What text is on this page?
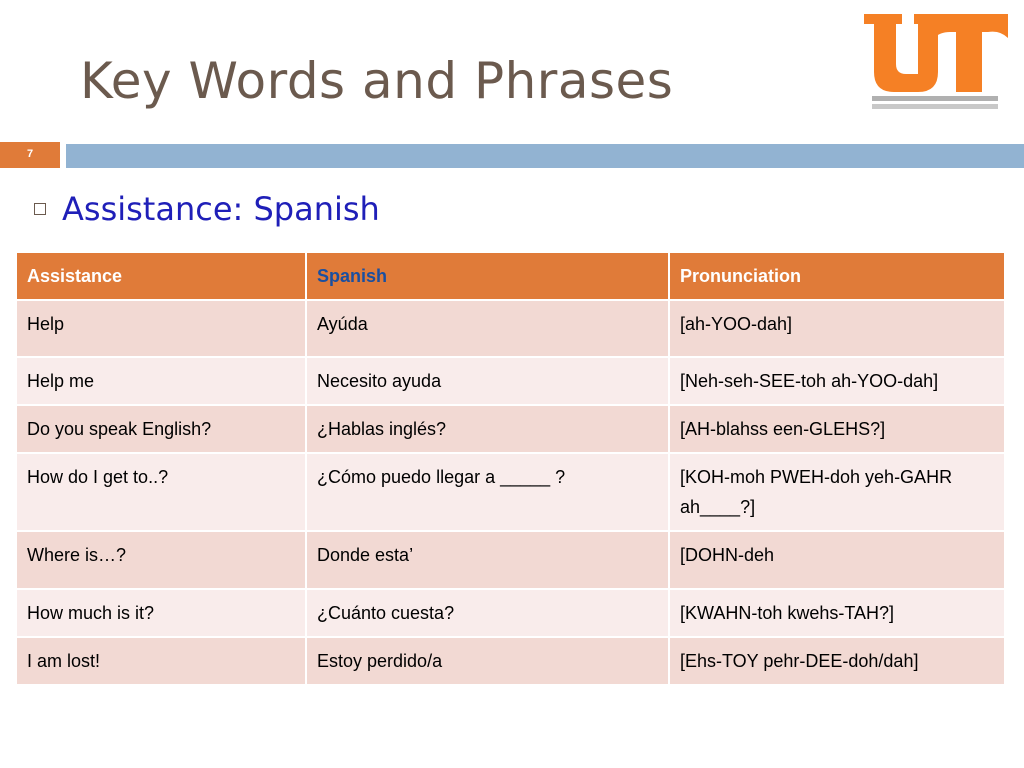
Key Words and Phrases
7
Assistance: Spanish
Assistance	Spanish	Pronunciation
Help	Ayúda	[ah-YOO-dah]
Help me	Necesito ayuda	[Neh-seh-SEE-toh ah-YOO-dah]
Do you speak English?	¿Hablas inglés?	[AH-blahss een-GLEHS?]
How do I get to..?	¿Cómo puedo llegar a _____ ?	[KOH-moh PWEH-doh yeh-GAHR ah____?]
Where is…?	Donde esta’	[DOHN-deh
How much is it?	¿Cuánto cuesta?	[KWAHN-toh kwehs-TAH?]
I am lost!	Estoy perdido/a	[Ehs-TOY pehr-DEE-doh/dah]
